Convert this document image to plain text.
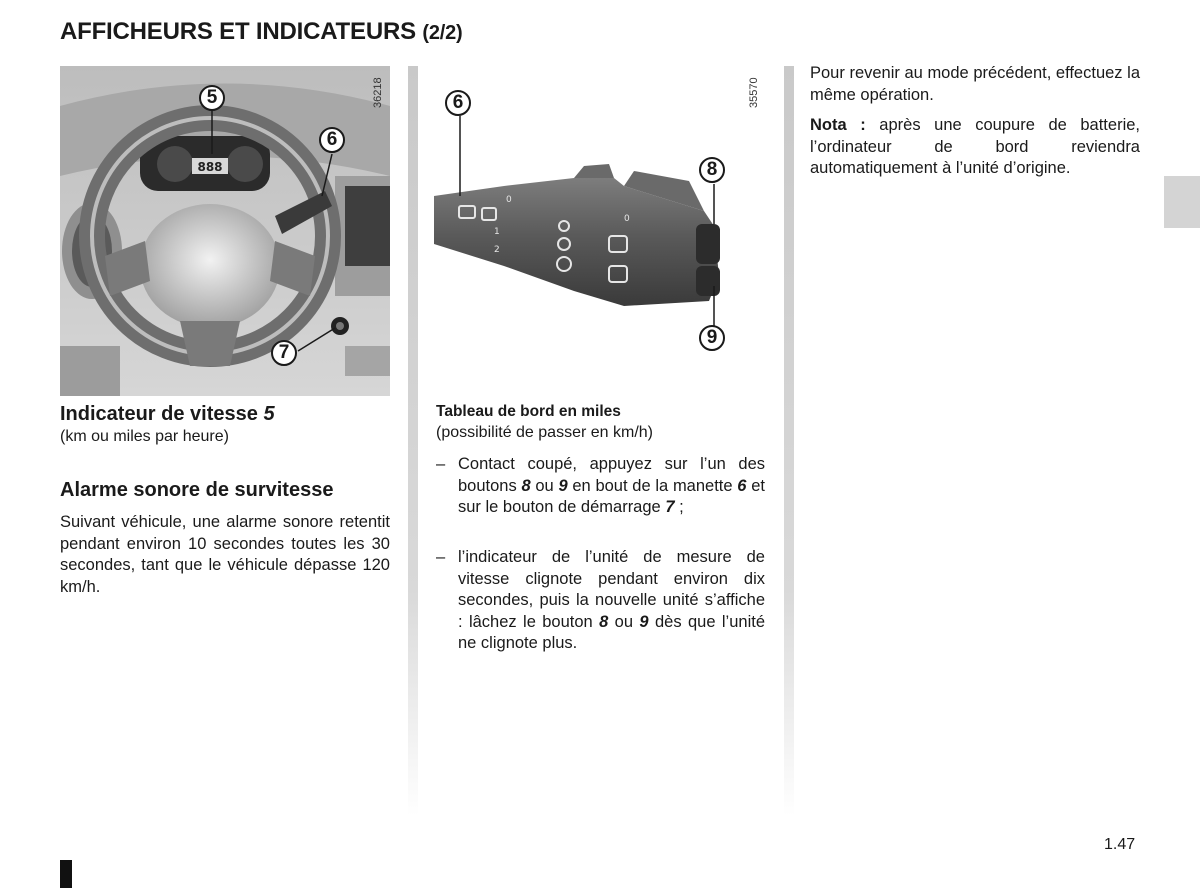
AFFICHEURS ET INDICATEURS (2/2)
888
5
6
7
36218
1
2
0
0
6
8
9
35570
Indicateur de vitesse 5
(km ou miles par heure)
Alarme sonore de survitesse
Suivant véhicule, une alarme sonore retentit pendant environ 10 secondes toutes les 30 secondes, tant que le véhicule dépasse 120 km/h.
Tableau de bord en miles
(possibilité de passer en km/h)
– Contact coupé, appuyez sur l’un des boutons 8 ou 9 en bout de la manette 6 et sur le bouton de démarrage 7 ;
– l’indicateur de l’unité de mesure de vitesse clignote pendant environ dix secondes, puis la nouvelle unité s’affiche : lâchez le bouton 8 ou 9 dès que l’unité ne clignote plus.
Pour revenir au mode précédent, effectuez la même opération.
Nota : après une coupure de batterie, l’ordinateur de bord reviendra automatiquement à l’unité d’origine.
1.47
